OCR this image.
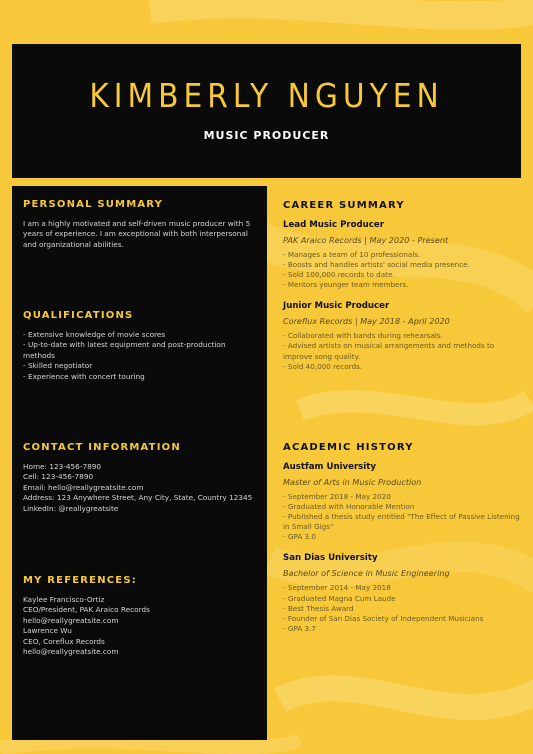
KIMBERLY NGUYEN
MUSIC PRODUCER
PERSONAL SUMMARY
I am a highly motivated and self-driven music producer with 5 years of experience. I am exceptional with both interpersonal and organizational abilities.
QUALIFICATIONS
- Extensive knowledge of movie scores
- Up-to-date with latest equipment and post-production methods
- Skilled negotiator
- Experience with concert touring
CONTACT INFORMATION
Home: 123-456-7890
Cell: 123-456-7890
Email: hello@reallygreatsite.com
Address: 123 Anywhere Street, Any City, State, Country 12345
LinkedIn: @reallygreatsite
MY REFERENCES:
Kaylee Francisco-Ortiz
CEO/President, PAK Araico Records
hello@reallygreatsite.com
Lawrence Wu
CEO, Coreflux Records
hello@reallygreatsite.com
CAREER SUMMARY
Lead Music Producer
PAK Araico Records | May 2020 - Present
- Manages a team of 10 professionals.
- Boosts and handles artists' social media presence.
- Sold 100,000 records to date.
- Mentors younger team members.
Junior Music Producer
Coreflux Records | May 2018 - April 2020
- Collaborated with bands during rehearsals.
- Advised artists on musical arrangements and methods to improve song quality.
- Sold 40,000 records.
ACADEMIC HISTORY
Austfam University
Master of Arts in Music Production
- September 2018 - May 2020
- Graduated with Honorable Mention
- Published a thesis study entitled "The Effect of Passive Listening in Small Gigs"
- GPA 3.0
San Dias University
Bachelor of Science in Music Engineering
- September 2014 - May 2018
- Graduated Magna Cum Laude
- Best Thesis Award
- Founder of San Dias Society of Independent Musicians
- GPA 3.7
